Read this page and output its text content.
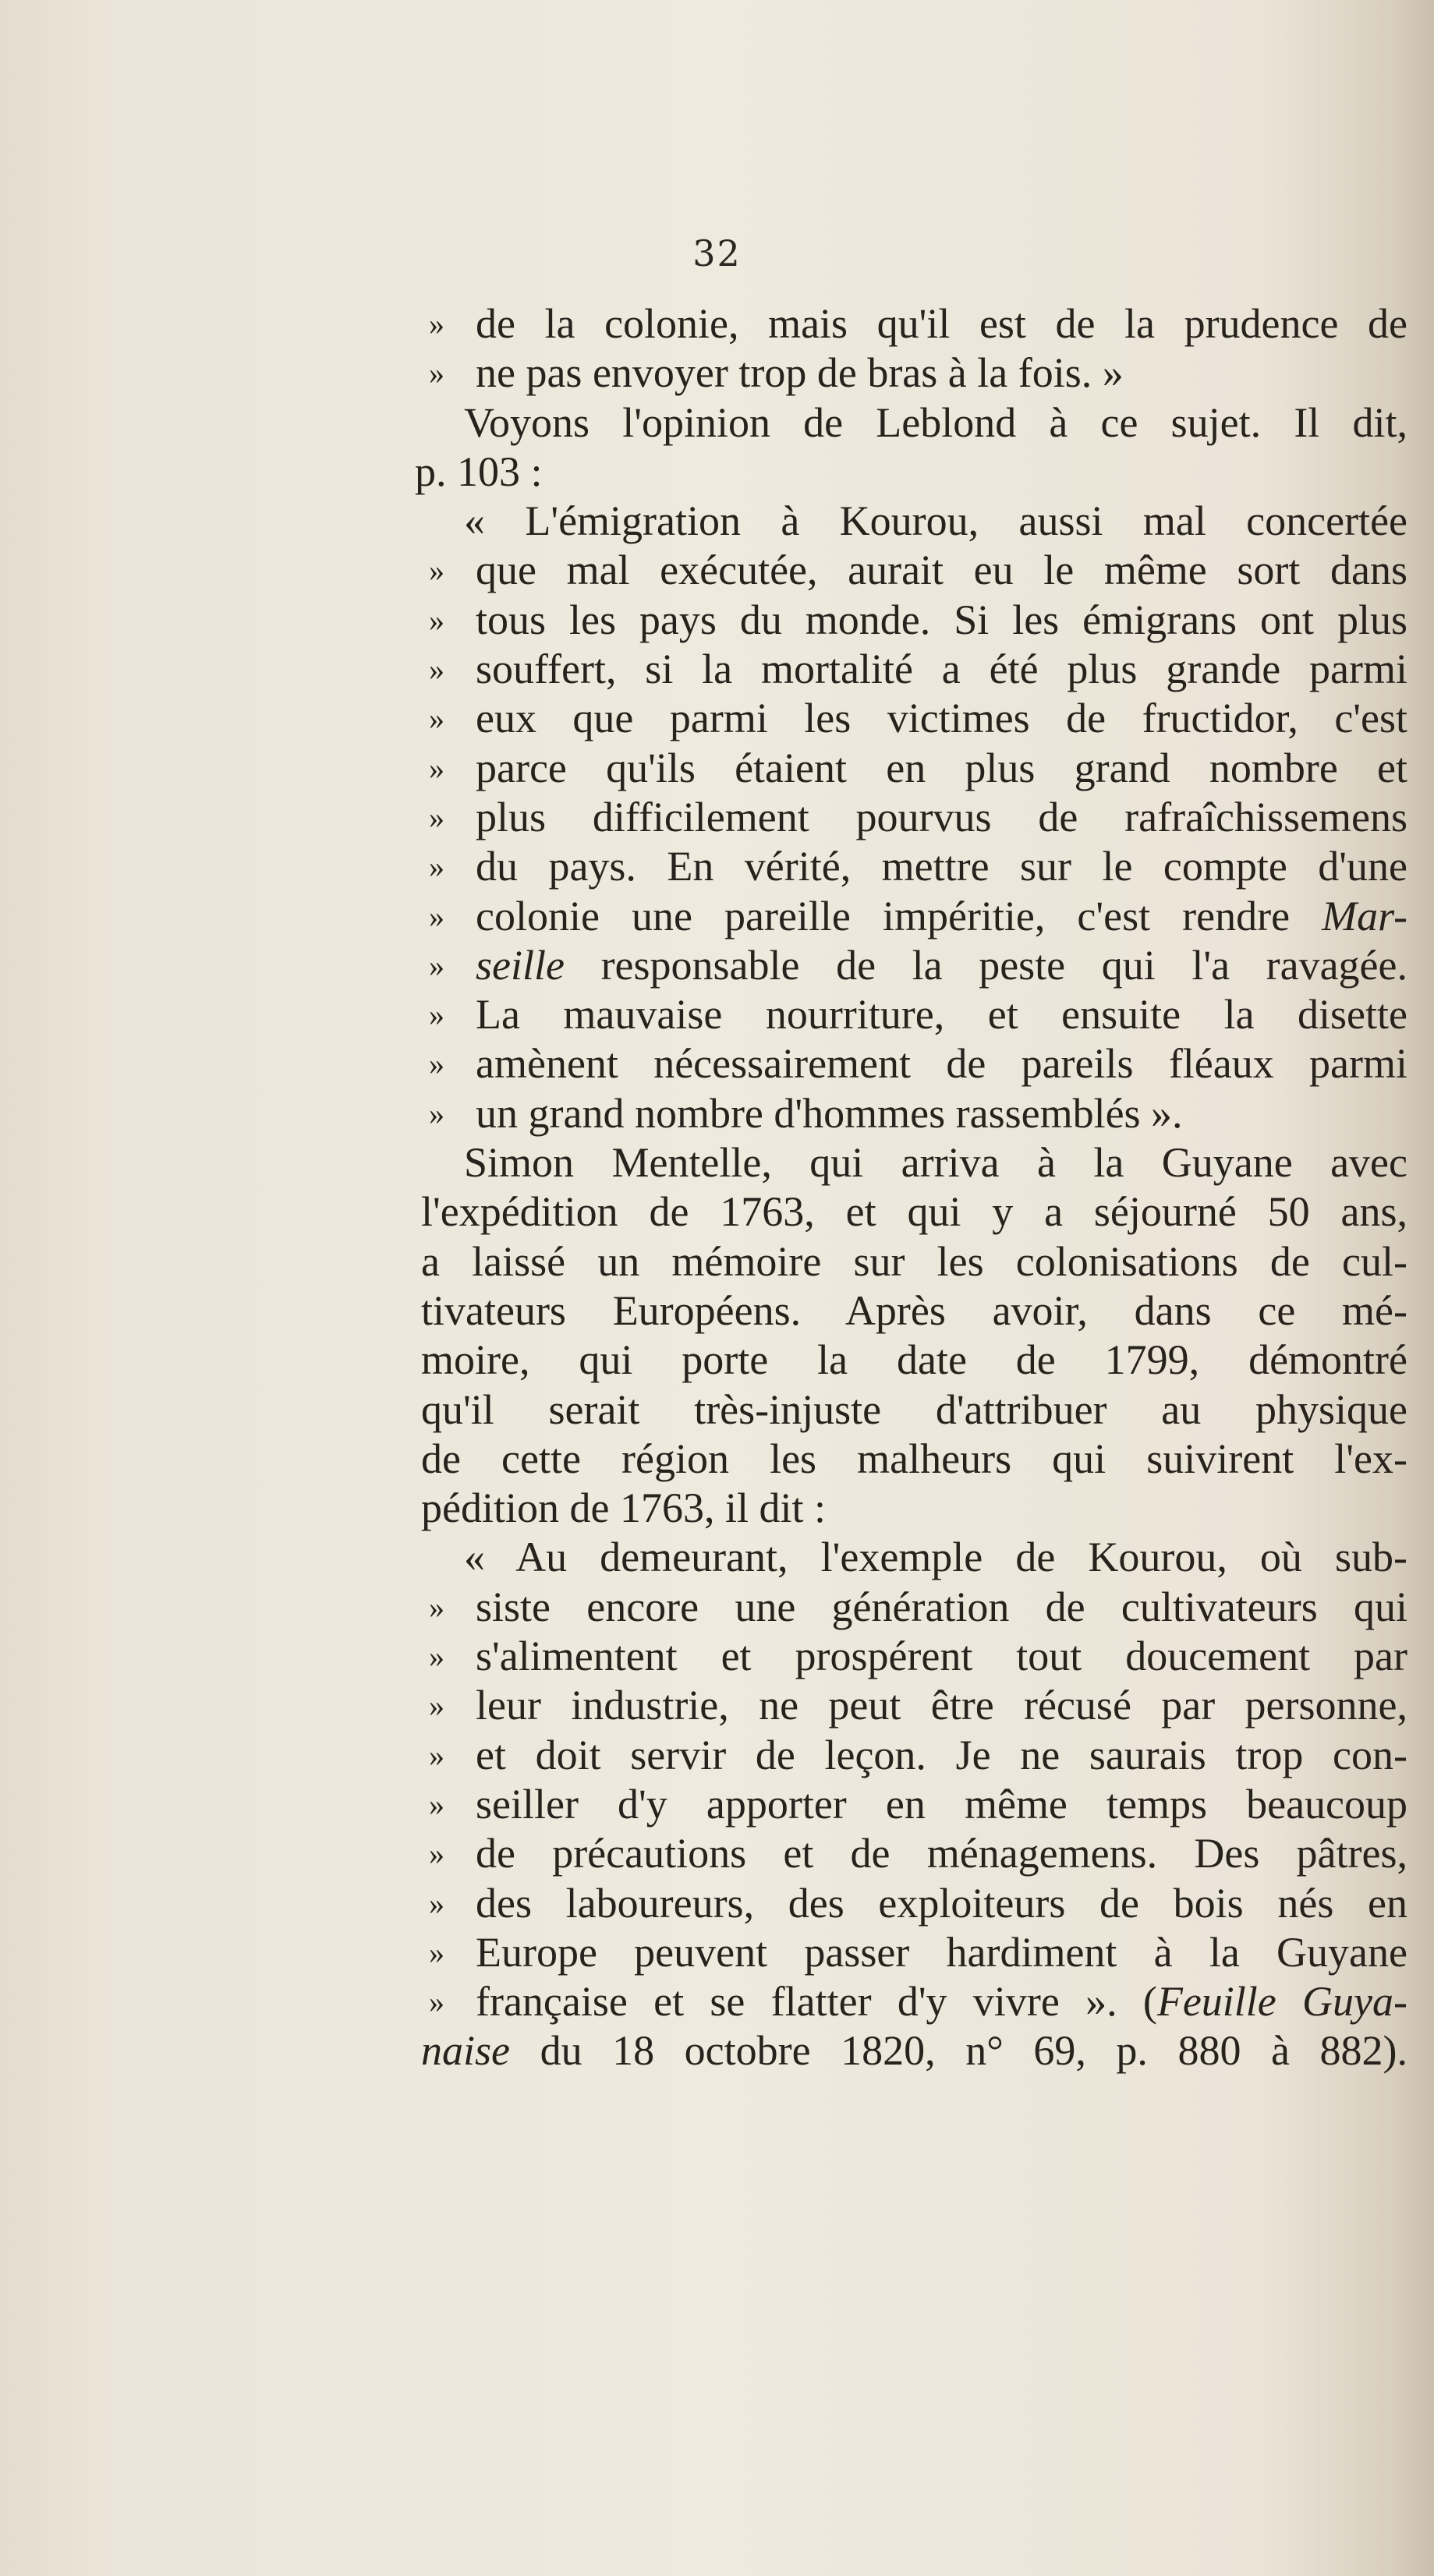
32
» de la colonie, mais qu'il est de la prudence de
» ne pas envoyer trop de bras à la fois. »
Voyons l'opinion de Leblond à ce sujet. Il dit,
p. 103 :
« L'émigration à Kourou, aussi mal concertée
» que mal exécutée, aurait eu le même sort dans
» tous les pays du monde. Si les émigrans ont plus
» souffert, si la mortalité a été plus grande parmi
» eux que parmi les victimes de fructidor, c'est
» parce qu'ils étaient en plus grand nombre et
» plus difficilement pourvus de rafraîchissemens
» du pays. En vérité, mettre sur le compte d'une
» colonie une pareille impéritie, c'est rendre Mar-
» seille responsable de la peste qui l'a ravagée.
» La mauvaise nourriture, et ensuite la disette
» amènent nécessairement de pareils fléaux parmi
» un grand nombre d'hommes rassemblés ».
Simon Mentelle, qui arriva à la Guyane avec
l'expédition de 1763, et qui y a séjourné 50 ans,
a laissé un mémoire sur les colonisations de cul-
tivateurs Européens. Après avoir, dans ce mé-
moire, qui porte la date de 1799, démontré
qu'il serait très-injuste d'attribuer au physique
de cette région les malheurs qui suivirent l'ex-
pédition de 1763, il dit :
« Au demeurant, l'exemple de Kourou, où sub-
» siste encore une génération de cultivateurs qui
» s'alimentent et prospérent tout doucement par
» leur industrie, ne peut être récusé par personne,
» et doit servir de leçon. Je ne saurais trop con-
» seiller d'y apporter en même temps beaucoup
» de précautions et de ménagemens. Des pâtres,
» des laboureurs, des exploiteurs de bois nés en
» Europe peuvent passer hardiment à la Guyane
» française et se flatter d'y vivre ». (Feuille Guya-
naise du 18 octobre 1820, n° 69, p. 880 à 882).
